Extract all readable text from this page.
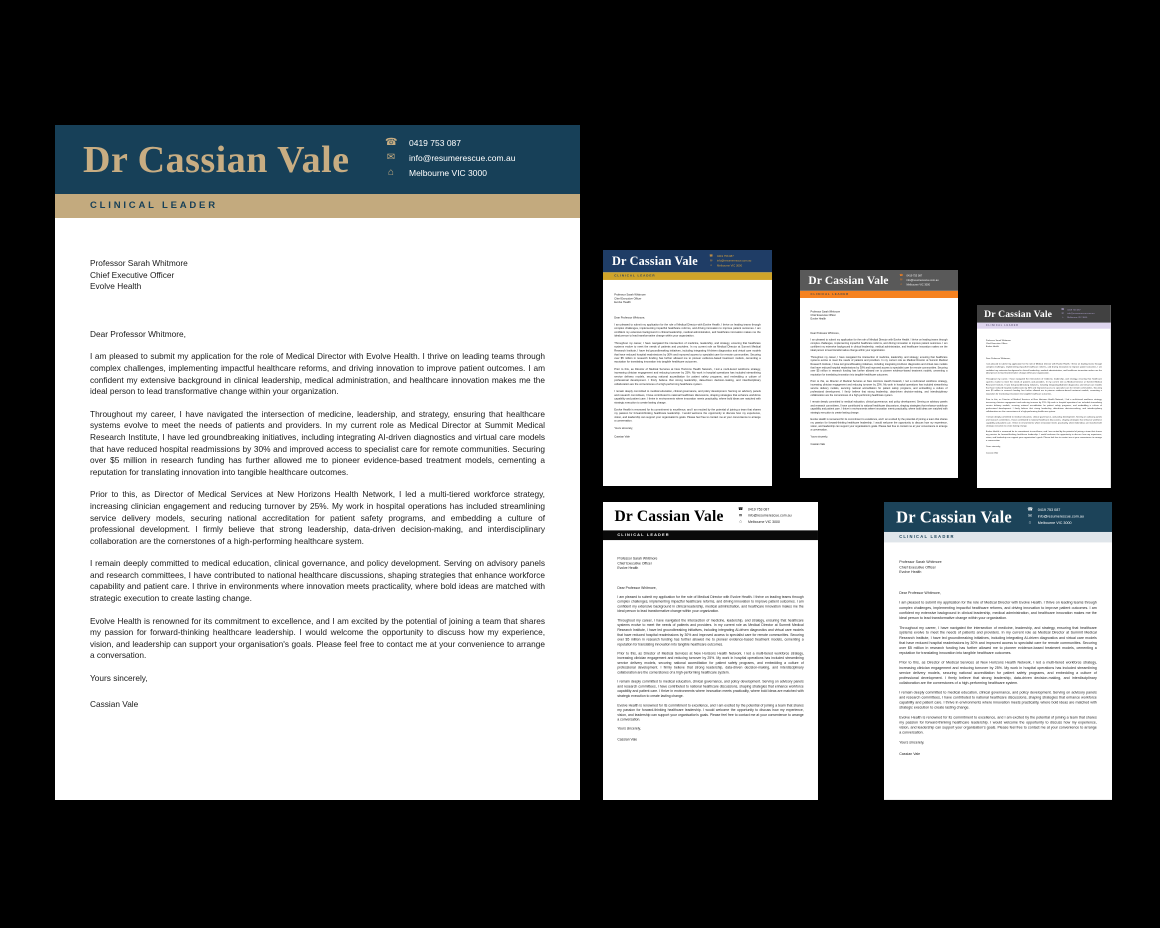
Dr Cassian Vale	☎ 0419 753 087
✉ info@resumerescue.com.au
⌂	Melbourne VIC 3000
CLINICAL LEADER
Professor Sarah Whitmore
Chief Executive Officer
Evolve Health
Dear Professor Whitmore,

I am pleased to submit my application for the role of Medical Director with Evolve Health. I thrive on leading teams through complex challenges, implementing impactful healthcare reforms, and driving innovation to improve patient outcomes. I am confident my extensive background in clinical leadership, medical administration, and healthcare innovation makes me the ideal person to lead transformative change within your organization.

Throughout my career, I have navigated the intersection of medicine, leadership, and strategy, ensuring that healthcare systems evolve to meet the needs of patients and providers. In my current role as Medical Director at Summit Medical Research Institute, I have led groundbreaking initiatives, including integrating AI-driven diagnostics and virtual care models that have reduced hospital readmissions by 30% and improved access to specialist care for remote communities. Securing over $5 million in research funding has further allowed me to pioneer evidence-based treatment models, cementing a reputation for translating innovation into tangible healthcare outcomes.

Prior to this, as Director of Medical Services at New Horizons Health Network, I led a multi-tiered workforce strategy, increasing clinician engagement and reducing turnover by 25%. My work in hospital operations has included streamlining service delivery models, securing national accreditation for patient safety programs, and embedding a culture of professional development. I firmly believe that strong leadership, data-driven decision-making, and interdisciplinary collaboration are the cornerstones of a high-performing healthcare system.

I remain deeply committed to medical education, clinical governance, and policy development. Serving on advisory panels and research committees, I have contributed to national healthcare discussions, shaping strategies that enhance workforce capability and patient care. I thrive in environments where innovation meets practicality, where bold ideas are matched with strategic execution to create lasting change.

Evolve Health is renowned for its commitment to excellence, and I am excited by the potential of joining a team that shares my passion for forward-thinking healthcare leadership. I would welcome the opportunity to discuss how my experience, vision, and leadership can support your organisation's goals. Please feel free to contact me at your convenience to arrange a conversation.

Yours sincerely,
Cassian Vale
Dr Cassian Vale ☎ 0419 753 087
✉ info@resumerescue.com.au
⌂ Melbourne VIC 3000
CLINICAL LEADER
Professor Sarah Whitmore
Chief Executive Officer
Evolve Health
Dear Professor Whitmore,

I am pleased to submit my application for the role of Medical Director with Evolve Health. I thrive on leading teams through complex challenges, implementing impactful healthcare reforms, and driving innovation to improve patient outcomes. I am confident my extensive background in clinical leadership, medical administration, and healthcare innovation makes me the ideal person to lead transformative change within your organization.

Throughout my career, I have navigated the intersection of medicine, leadership, and strategy, ensuring that healthcare systems evolve to meet the needs of patients and providers. In my current role as Medical Director at Summit Medical Research Institute, I have led groundbreaking initiatives, including integrating AI-driven diagnostics and virtual care models that have reduced hospital readmissions by 30% and improved access to specialist care for remote communities. Securing over $5 million in research funding has further allowed me to pioneer evidence-based treatment models, cementing a reputation for translating innovation into tangible healthcare outcomes.

Prior to this, as Director of Medical Services at New Horizons Health Network, I led a multi-tiered workforce strategy, increasing clinician engagement and reducing turnover by 25%. My work in hospital operations has included streamlining service delivery models, securing national accreditation for patient safety programs, and embedding a culture of professional development. I firmly believe that strong leadership, data-driven decision-making, and interdisciplinary collaboration are the cornerstones of a high-performing healthcare system.

I remain deeply committed to medical education, clinical governance, and policy development. Serving on advisory panels and research committees, I have contributed to national healthcare discussions, shaping strategies that enhance workforce capability and patient care. I thrive in environments where innovation meets practicality, where bold ideas are matched with strategic execution to create lasting change.

Evolve Health is renowned for its commitment to excellence, and I am excited by the potential of joining a team that shares my passion for forward-thinking healthcare leadership. I would welcome the opportunity to discuss how my experience, vision, and leadership can support your organisation's goals. Please feel free to contact me at your convenience to arrange a conversation.

Yours sincerely,
Cassian Vale
Dr Cassian Vale ☎ 0419 753 087
✉ info@resumerescue.com.au
⌂ Melbourne VIC 3000
CLINICAL LEADER
Professor Sarah Whitmore
Chief Executive Officer
Evolve Health
Dear Professor Whitmore,

I am pleased to submit my application for the role of Medical Director with Evolve Health. I thrive on leading teams through complex challenges, implementing impactful healthcare reforms, and driving innovation to improve patient outcomes. I am confident my extensive background in clinical leadership, medical administration, and healthcare innovation makes me the ideal person to lead transformative change within your organization.

Throughout my career, I have navigated the intersection of medicine, leadership, and strategy, ensuring that healthcare systems evolve to meet the needs of patients and providers. In my current role as Medical Director at Summit Medical Research Institute, I have led groundbreaking initiatives, including integrating AI-driven diagnostics and virtual care models that have reduced hospital readmissions by 30% and improved access to specialist care for remote communities. Securing over $5 million in research funding has further allowed me to pioneer evidence-based treatment models, cementing a reputation for translating innovation into tangible healthcare outcomes.

Prior to this, as Director of Medical Services at New Horizons Health Network, I led a multi-tiered workforce strategy, increasing clinician engagement and reducing turnover by 25%. My work in hospital operations has included streamlining service delivery models, securing national accreditation for patient safety programs, and embedding a culture of professional development. I firmly believe that strong leadership, data-driven decision-making, and interdisciplinary collaboration are the cornerstones of a high-performing healthcare system.

I remain deeply committed to medical education, clinical governance, and policy development. Serving on advisory panels and research committees, I have contributed to national healthcare discussions, shaping strategies that enhance workforce capability and patient care. I thrive in environments where innovation meets practicality, where bold ideas are matched with strategic execution to create lasting change.

Evolve Health is renowned for its commitment to excellence, and I am excited by the potential of joining a team that shares my passion for forward-thinking healthcare leadership. I would welcome the opportunity to discuss how my experience, vision, and leadership can support your organisation's goals. Please feel free to contact me at your convenience to arrange a conversation.

Yours sincerely,
Cassian Vale
Dr Cassian Vale ☎ 0419 753 087
✉ info@resumerescue.com.au
⌂ Melbourne VIC 3000
CLINICAL LEADER
Professor Sarah Whitmore
Chief Executive Officer
Evolve Health
Dear Professor Whitmore,

I am pleased to submit my application for the role of Medical Director with Evolve Health. I thrive on leading teams through complex challenges, implementing impactful healthcare reforms, and driving innovation to improve patient outcomes. I am confident my extensive background in clinical leadership, medical administration, and healthcare innovation makes me the ideal person to lead transformative change within your organization.

Throughout my career, I have navigated the intersection of medicine, leadership, and strategy, ensuring that healthcare systems evolve to meet the needs of patients and providers. In my current role as Medical Director at Summit Medical Research Institute, I have led groundbreaking initiatives, including integrating AI-driven diagnostics and virtual care models that have reduced hospital readmissions by 30% and improved access to specialist care for remote communities. Securing over $5 million in research funding has further allowed me to pioneer evidence-based treatment models, cementing a reputation for translating innovation into tangible healthcare outcomes.

Prior to this, as Director of Medical Services at New Horizons Health Network, I led a multi-tiered workforce strategy, increasing clinician engagement and reducing turnover by 25%. My work in hospital operations has included streamlining service delivery models, securing national accreditation for patient safety programs, and embedding a culture of professional development. I firmly believe that strong leadership, data-driven decision-making, and interdisciplinary collaboration are the cornerstones of a high-performing healthcare system.

I remain deeply committed to medical education, clinical governance, and policy development. Serving on advisory panels and research committees, I have contributed to national healthcare discussions, shaping strategies that enhance workforce capability and patient care. I thrive in environments where innovation meets practicality, where bold ideas are matched with strategic execution to create lasting change.

Evolve Health is renowned for its commitment to excellence, and I am excited by the potential of joining a team that shares my passion for forward-thinking healthcare leadership. I would welcome the opportunity to discuss how my experience, vision, and leadership can support your organisation's goals. Please feel free to contact me at your convenience to arrange a conversation.

Yours sincerely,
Cassian Vale
Dr Cassian Vale ☎ 0419 753 087
✉ info@resumerescue.com.au
⌂ Melbourne VIC 3000
CLINICAL LEADER
Professor Sarah Whitmore
Chief Executive Officer
Evolve Health
Dear Professor Whitmore,

I am pleased to submit my application for the role of Medical Director with Evolve Health. I thrive on leading teams through complex challenges, implementing impactful healthcare reforms, and driving innovation to improve patient outcomes. I am confident my extensive background in clinical leadership, medical administration, and healthcare innovation makes me the ideal person to lead transformative change within your organization.

Throughout my career, I have navigated the intersection of medicine, leadership, and strategy, ensuring that healthcare systems evolve to meet the needs of patients and providers. In my current role as Medical Director at Summit Medical Research Institute, I have led groundbreaking initiatives, including integrating AI-driven diagnostics and virtual care models that have reduced hospital readmissions by 30% and improved access to specialist care for remote communities. Securing over $5 million in research funding has further allowed me to pioneer evidence-based treatment models, cementing a reputation for translating innovation into tangible healthcare outcomes.

Prior to this, as Director of Medical Services at New Horizons Health Network, I led a multi-tiered workforce strategy, increasing clinician engagement and reducing turnover by 25%. My work in hospital operations has included streamlining service delivery models, securing national accreditation for patient safety programs, and embedding a culture of professional development. I firmly believe that strong leadership, data-driven decision-making, and interdisciplinary collaboration are the cornerstones of a high-performing healthcare system.

I remain deeply committed to medical education, clinical governance, and policy development. Serving on advisory panels and research committees, I have contributed to national healthcare discussions, shaping strategies that enhance workforce capability and patient care. I thrive in environments where innovation meets practicality, where bold ideas are matched with strategic execution to create lasting change.

Evolve Health is renowned for its commitment to excellence, and I am excited by the potential of joining a team that shares my passion for forward-thinking healthcare leadership. I would welcome the opportunity to discuss how my experience, vision, and leadership can support your organisation's goals. Please feel free to contact me at your convenience to arrange a conversation.

Yours sincerely,
Cassian Vale
Dr Cassian Vale ☎ 0419 753 087
✉ info@resumerescue.com.au
⌂ Melbourne VIC 3000
CLINICAL LEADER
Professor Sarah Whitmore
Chief Executive Officer
Evolve Health
Dear Professor Whitmore,

I am pleased to submit my application for the role of Medical Director with Evolve Health. I thrive on leading teams through complex challenges, implementing impactful healthcare reforms, and driving innovation to improve patient outcomes. I am confident my extensive background in clinical leadership, medical administration, and healthcare innovation makes me the ideal person to lead transformative change within your organization.

Throughout my career, I have navigated the intersection of medicine, leadership, and strategy, ensuring that healthcare systems evolve to meet the needs of patients and providers. In my current role as Medical Director at Summit Medical Research Institute, I have led groundbreaking initiatives, including integrating AI-driven diagnostics and virtual care models that have reduced hospital readmissions by 30% and improved access to specialist care for remote communities. Securing over $5 million in research funding has further allowed me to pioneer evidence-based treatment models, cementing a reputation for translating innovation into tangible healthcare outcomes.

Prior to this, as Director of Medical Services at New Horizons Health Network, I led a multi-tiered workforce strategy, increasing clinician engagement and reducing turnover by 25%. My work in hospital operations has included streamlining service delivery models, securing national accreditation for patient safety programs, and embedding a culture of professional development. I firmly believe that strong leadership, data-driven decision-making, and interdisciplinary collaboration are the cornerstones of a high-performing healthcare system.

I remain deeply committed to medical education, clinical governance, and policy development. Serving on advisory panels and research committees, I have contributed to national healthcare discussions, shaping strategies that enhance workforce capability and patient care. I thrive in environments where innovation meets practicality, where bold ideas are matched with strategic execution to create lasting change.

Evolve Health is renowned for its commitment to excellence, and I am excited by the potential of joining a team that shares my passion for forward-thinking healthcare leadership. I would welcome the opportunity to discuss how my experience, vision, and leadership can support your organisation's goals. Please feel free to contact me at your convenience to arrange a conversation.

Yours sincerely,
Cassian Vale
